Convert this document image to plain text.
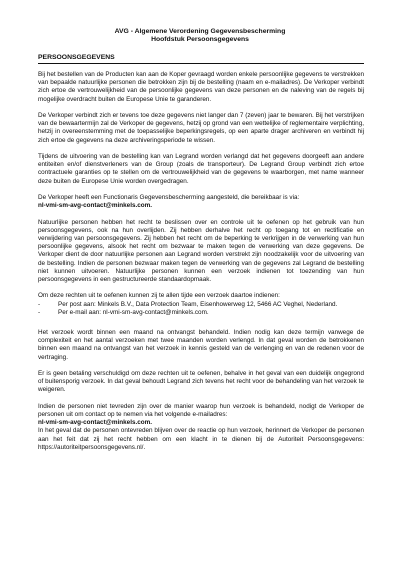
AVG - Algemene Verordening Gegevensbescherming
Hoofdstuk Persoonsgegevens
PERSOONSGEGEVENS

Bij het bestellen van de Producten kan aan de Koper gevraagd worden enkele persoonlijke gegevens te verstrekken van bepaalde natuurlijke personen die betrokken zijn bij de bestelling (naam en e-mailadres). De Verkoper verbindt zich ertoe de vertrouwelijkheid van de persoonlijke gegevens van deze personen en de naleving van de regels bij mogelijke overdracht buiten de Europese Unie te garanderen.

De Verkoper verbindt zich er tevens toe deze gegevens niet langer dan 7 (zeven) jaar te bewaren. Bij het verstrijken van de bewaartermijn zal de Verkoper de gegevens, hetzij op grond van een wettelijke of reglementaire verplichting, hetzij in overeenstemming met de toepasselijke beperkingsregels, op een aparte drager archiveren en verbindt hij zich ertoe de gegevens na deze archiveringsperiode te wissen.

Tijdens de uitvoering van de bestelling kan van Legrand worden verlangd dat het gegevens doorgeeft aan andere entiteiten en/of dienstverleners van de Group (zoals de transporteur). De Legrand Group verbindt zich ertoe contractuele garanties op te stellen om de vertrouwelijkheid van de gegevens te waarborgen, met name wanneer deze buiten de Europese Unie worden overgedragen.

De Verkoper heeft een Functionaris Gegevensbescherming aangesteld, die bereikbaar is via:
nl-vmi-sm-avg-contact@minkels.com.

Natuurlijke personen hebben het recht te beslissen over en controle uit te oefenen op het gebruik van hun persoonsgegevens, ook na hun overlijden. Zij hebben derhalve het recht op toegang tot en rectificatie en verwijdering van persoonsgegevens. Zij hebben het recht om de beperking te verkrijgen in de verwerking van hun persoonlijke gegevens, alsook het recht om bezwaar te maken tegen de verwerking van deze gegevens. De Verkoper dient de door natuurlijke personen aan Legrand worden verstrekt zijn noodzakelijk voor de uitvoering van de bestelling. Indien de personen bezwaar maken tegen de verwerking van de gegevens zal Legrand de bestelling niet kunnen uitvoeren. Natuurlijke personen kunnen een verzoek indienen tot toezending van hun persoonsgegevens in een gestructureerde standaardopmaak.

Om deze rechten uit te oefenen kunnen zij te allen tijde een verzoek daartoe indienen:

-	Per post aan: Minkels B.V., Data Protection Team, Eisenhowerweg 12, 5466 AC Veghel, Nederland.
-	Per e-mail aan: nl-vmi-sm-avg-contact@minkels.com.

Het verzoek wordt binnen een maand na ontvangst behandeld. Indien nodig kan deze termijn vanwege de complexiteit en het aantal verzoeken met twee maanden worden verlengd. In dat geval worden de betrokkenen binnen een maand na ontvangst van het verzoek in kennis gesteld van de verlenging en van de redenen voor de vertraging.

Er is geen betaling verschuldigd om deze rechten uit te oefenen, behalve in het geval van een duidelijk ongegrond of buitensporig verzoek. In dat geval behoudt Legrand zich tevens het recht voor de behandeling van het verzoek te weigeren.

Indien de personen niet tevreden zijn over de manier waarop hun verzoek is behandeld, nodigt de Verkoper de personen uit om contact op te nemen via het volgende e-mailadres:
nl-vmi-sm-avg-contact@minkels.com.
In het geval dat de personen ontevreden blijven over de reactie op hun verzoek, herinnert de Verkoper de personen aan het feit dat zij het recht hebben om een klacht in te dienen bij de Autoriteit Persoonsgegevens: https://autoriteitpersoonsgegevens.nl/.
